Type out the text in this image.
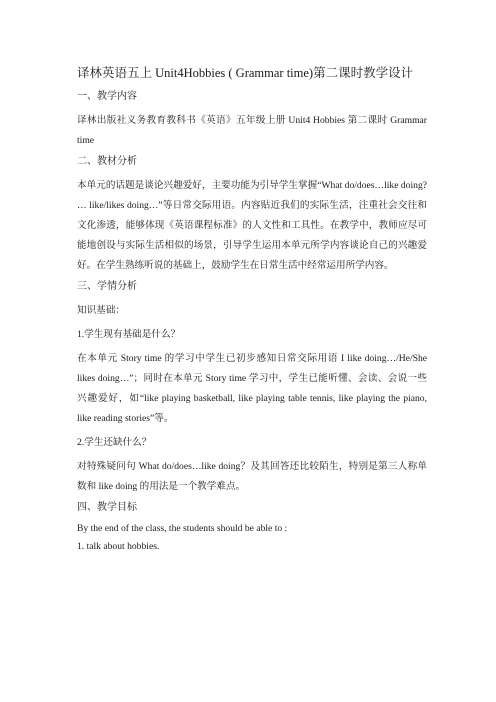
译林英语五上 Unit4Hobbies ( Grammar time)第二课时教学设计
一、教学内容
译林出版社义务教育教科书《英语》五年级上册 Unit4 Hobbies 第二课时 Grammar time
二、教材分析
本单元的话题是谈论兴趣爱好，主要功能为引导学生掌握“What do/does…like doing? … like/likes doing…”等日常交际用语。内容贴近我们的实际生活，注重社会交往和文化渗透，能够体现《英语课程标准》的人文性和工具性。在教学中，教师应尽可能地创设与实际生活相似的场景，引导学生运用本单元所学内容谈论自己的兴趣爱好。在学生熟练听说的基础上，鼓励学生在日常生活中经常运用所学内容。
三、学情分析
知识基础：
1.学生现有基础是什么？
在本单元 Story time 的学习中学生已初步感知日常交际用语 I like doing…/He/She likes doing…”；同时在本单元 Story time 学习中，学生已能听懂、会读、会说一些兴趣爱好，如“like playing basketball, like playing table tennis, like playing the piano, like reading stories”等。
2.学生还缺什么？
对特殊疑问句 What do/does…like doing？及其回答还比较陌生，特别是第三人称单数和 like doing 的用法是一个教学难点。
四、教学目标
By the end of the class, the students should be able to :
1. talk about hobbies.
